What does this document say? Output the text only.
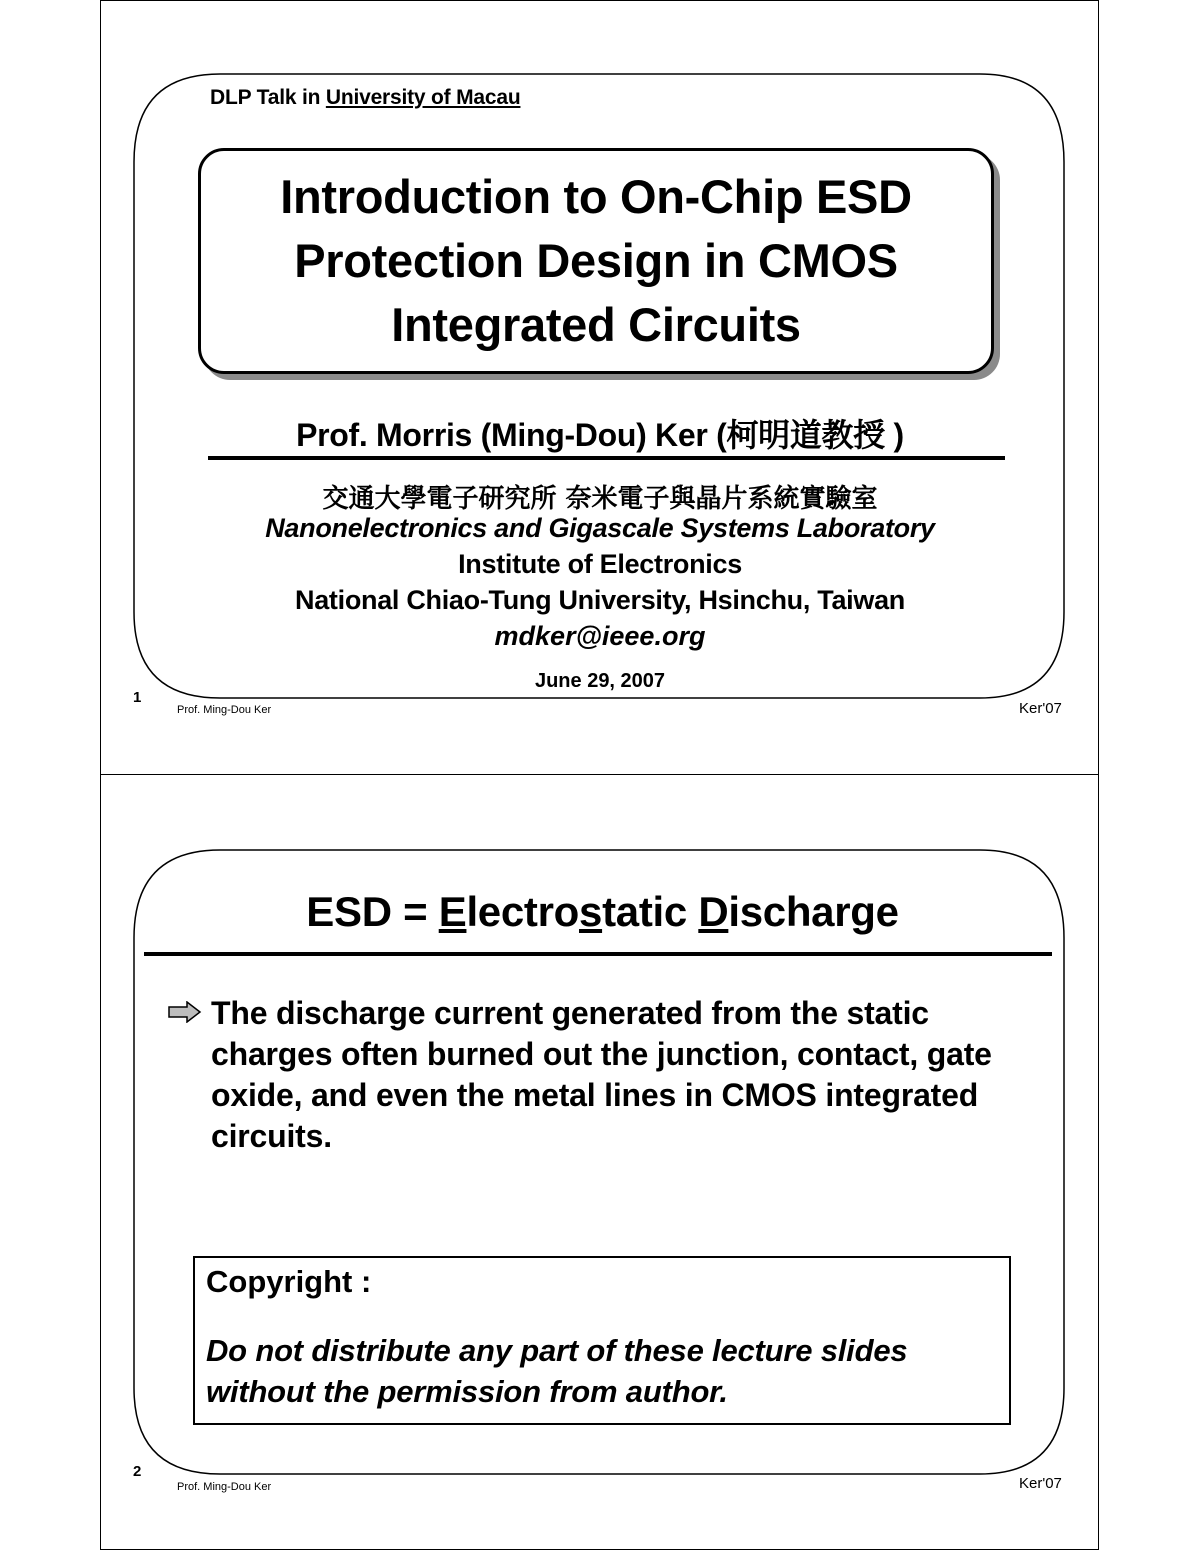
DLP Talk in University of Macau
Introduction to On-Chip ESD
Protection Design in CMOS
Integrated Circuits
Prof. Morris (Ming-Dou) Ker (柯明道教授 )
交通大學電子研究所 奈米電子與晶片系統實驗室
Nanonelectronics and Gigascale Systems Laboratory
Institute of Electronics
National Chiao-Tung University, Hsinchu, Taiwan
mdker@ieee.org
June 29, 2007
1
Prof. Ming-Dou Ker	Ker'07
ESD = Electrostatic Discharge
The discharge current generated from the static charges often burned out the junction, contact, gate oxide, and even the metal lines in CMOS integrated circuits.
Copyright :
Do not distribute any part of these lecture slides without the permission from author.
2
Prof. Ming-Dou Ker	Ker'07
